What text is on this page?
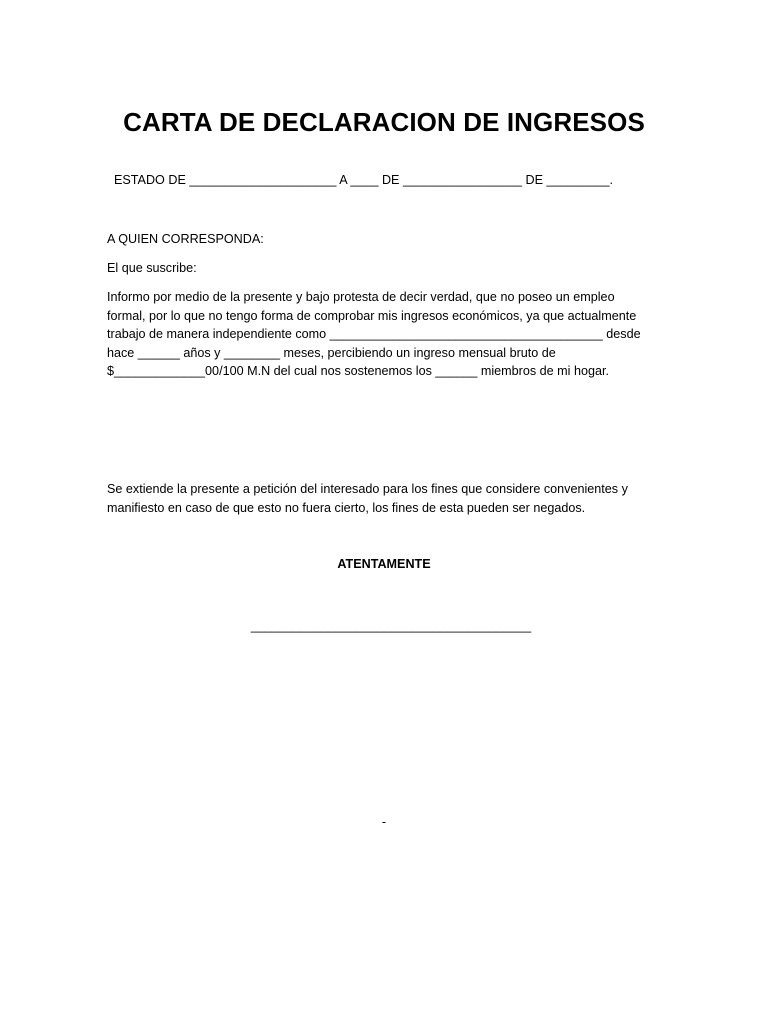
CARTA DE DECLARACION DE INGRESOS
ESTADO DE _____________________ A ____ DE _________________ DE _________.
A QUIEN CORRESPONDA:
El que suscribe:
Informo por medio de la presente y bajo protesta de decir verdad, que no poseo un empleo
formal, por lo que no tengo forma de comprobar mis ingresos económicos, ya que actualmente
trabajo de manera independiente como _______________________________________ desde
hace ______ años y ________ meses, percibiendo un ingreso mensual bruto de
$_____________00/100 M.N del cual nos sostenemos los ______ miembros de mi hogar.
Se extiende la presente a petición del interesado para los fines que considere convenientes y
manifiesto en caso de que esto no fuera cierto, los fines de esta pueden ser negados.
ATENTAMENTE
________________________________________
-
